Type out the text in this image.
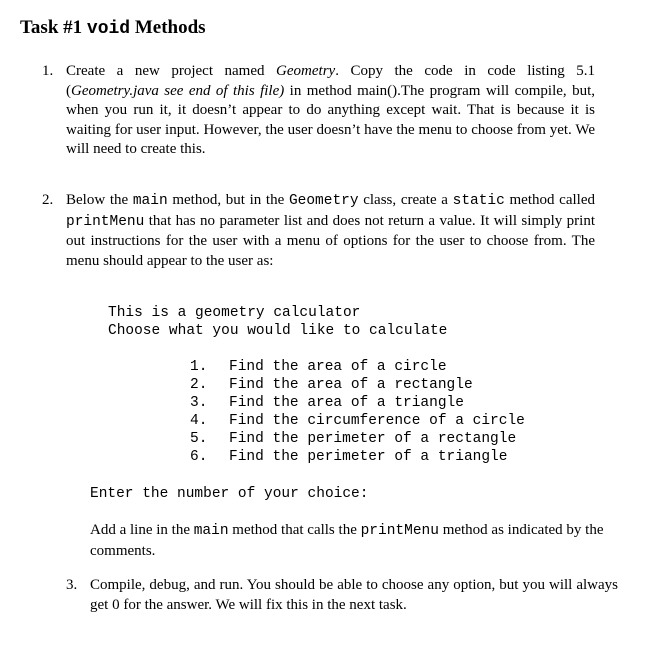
Task #1 void Methods
1. Create a new project named Geometry. Copy the code in code listing 5.1 (Geometry.java see end of this file) in method main().The program will compile, but, when you run it, it doesn’t appear to do anything except wait. That is because it is waiting for user input. However, the user doesn’t have the menu to choose from yet. We will need to create this.
2. Below the main method, but in the Geometry class, create a static method called printMenu that has no parameter list and does not return a value. It will simply print out instructions for the user with a menu of options for the user to choose from. The menu should appear to the user as:
This is a geometry calculator
Choose what you would like to calculate
1. Find the area of a circle
2. Find the area of a rectangle
3. Find the area of a triangle
4. Find the circumference of a circle
5. Find the perimeter of a rectangle
6. Find the perimeter of a triangle
Enter the number of your choice:
Add a line in the main method that calls the printMenu method as indicated by the comments.
3. Compile, debug, and run. You should be able to choose any option, but you will always get 0 for the answer. We will fix this in the next task.
